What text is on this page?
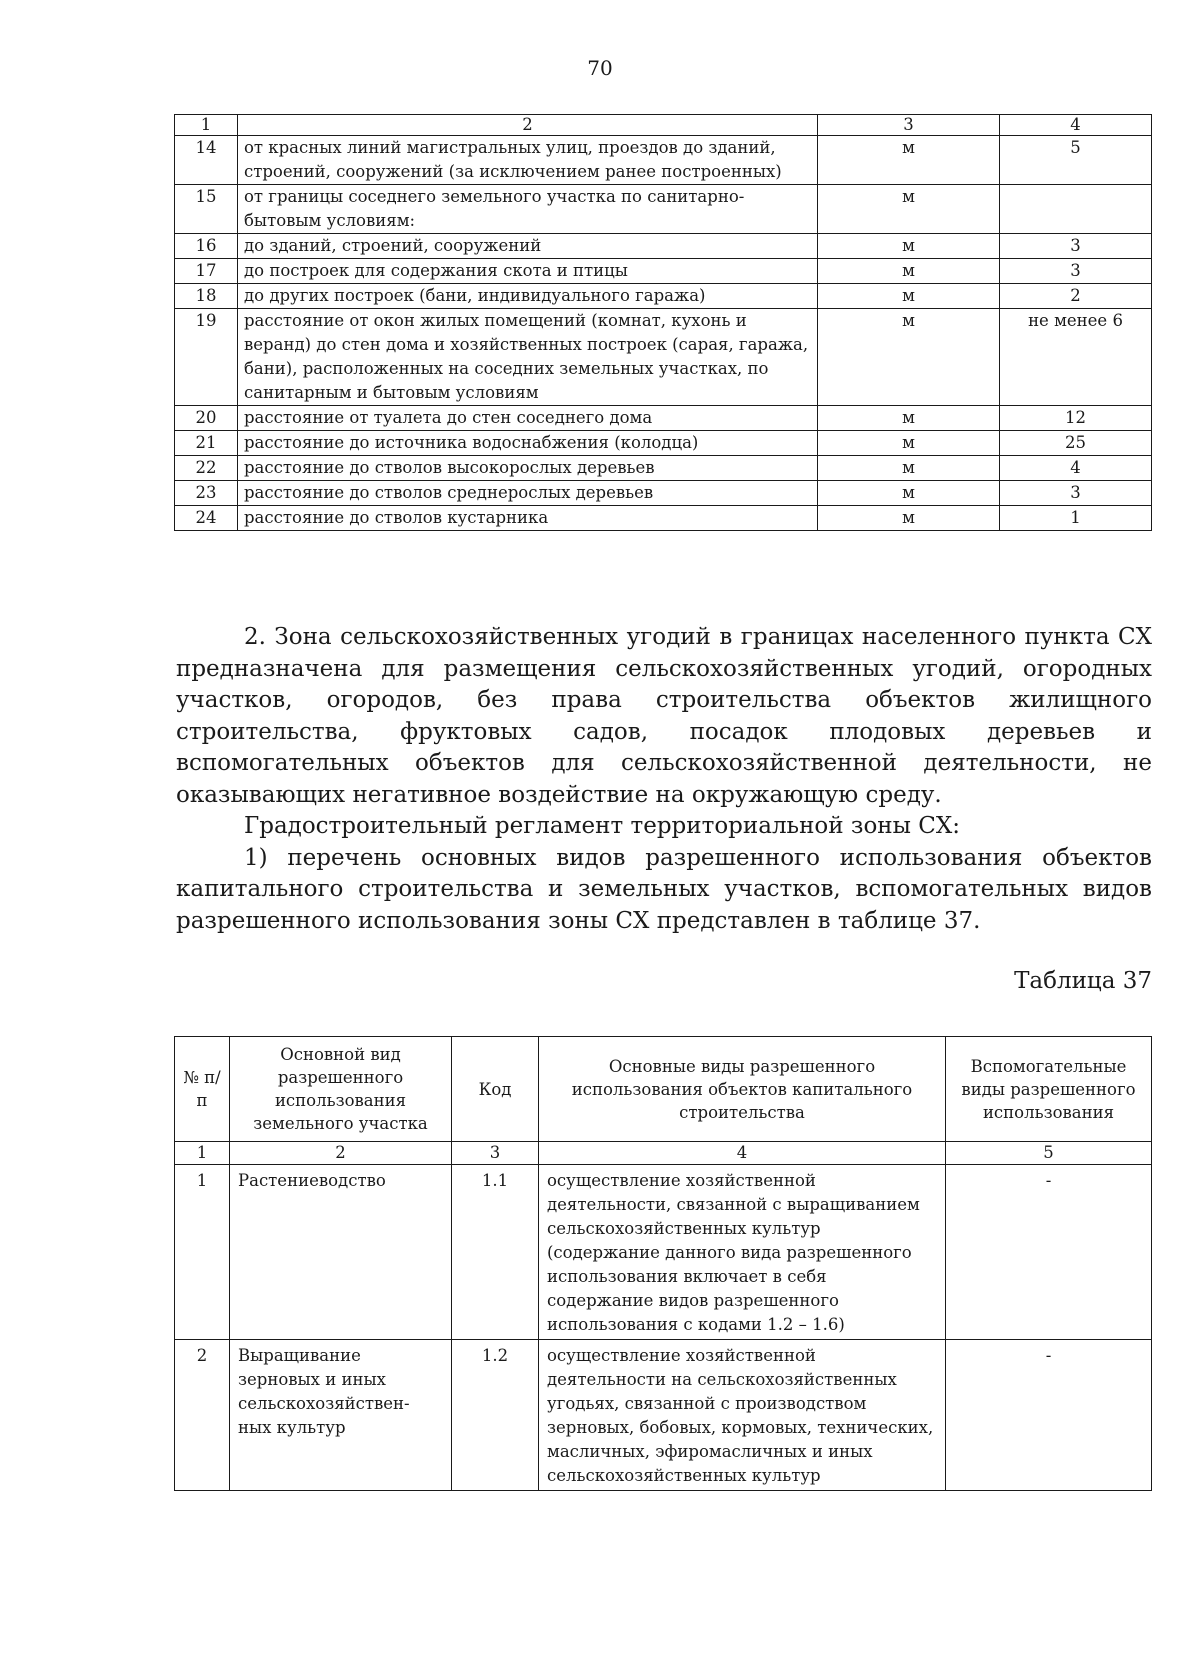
70
1	2	3	4
14	от красных линий магистральных улиц, проездов до зданий, строений, сооружений (за исключением ранее построенных)	м	5
15	от границы соседнего земельного участка по санитарно-бытовым условиям:	м	
16	до зданий, строений, сооружений	м	3
17	до построек для содержания скота и птицы	м	3
18	до других построек (бани, индивидуального гаража)	м	2
19	расстояние от окон жилых помещений (комнат, кухонь и веранд) до стен дома и хозяйственных построек (сарая, гаража, бани), расположенных на соседних земельных участках, по санитарным и бытовым условиям	м	не менее 6
20	расстояние от туалета до стен соседнего дома	м	12
21	расстояние до источника водоснабжения (колодца)	м	25
22	расстояние до стволов высокорослых деревьев	м	4
23	расстояние до стволов среднерослых деревьев	м	3
24	расстояние до стволов кустарника	м	1

2. Зона сельскохозяйственных угодий в границах населенного пункта СХ предназначена для размещения сельскохозяйственных угодий, огородных участков, огородов, без права строительства объектов жилищного строительства, фруктовых садов, посадок плодовых деревьев и вспомогательных объектов для сельскохозяйственной деятельности, не оказывающих негативное воздействие на окружающую среду.

Градостроительный регламент территориальной зоны СХ:

1) перечень основных видов разрешенного использования объектов капитального строительства и земельных участков, вспомогательных видов разрешенного использования зоны СХ представлен в таблице 37.

Таблица 37
№ п/п	Основной вид разрешенного использования земельного участка	Код	Основные виды разрешенного использования объектов капитального строительства	Вспомогательные виды разрешенного использования
1	2	3	4	5
1	Растениеводство	1.1	осуществление хозяйственной деятельности, связанной с выращиванием сельскохозяйственных культур (содержание данного вида разрешенного использования включает в себя содержание видов разрешенного использования с кодами 1.2 – 1.6)	-
2	Выращивание зерновых и иных сельскохозяйствен-ных культур	1.2	осуществление хозяйственной деятельности на сельскохозяйственных угодьях, связанной с производством зерновых, бобовых, кормовых, технических, масличных, эфиромасличных и иных сельскохозяйственных культур	-
